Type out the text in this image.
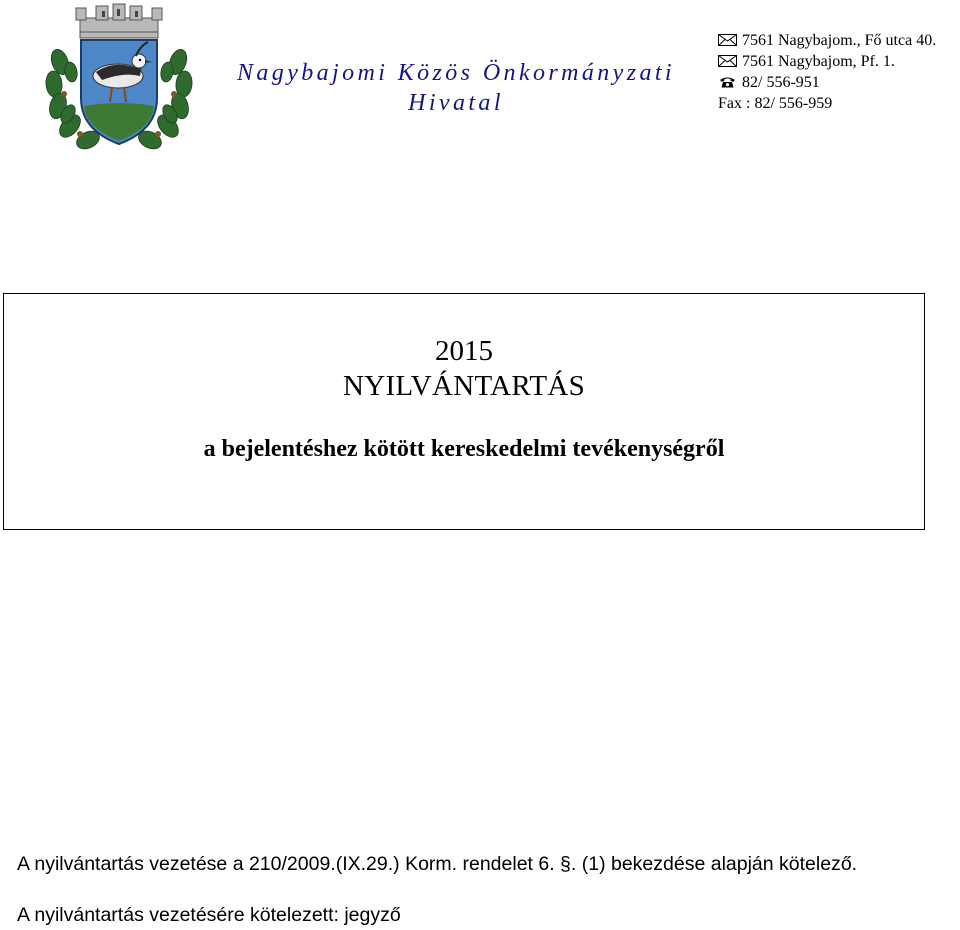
Nagybajomi Közös Önkormányzati
Hivatal
7561 Nagybajom., Fő utca 40.
7561 Nagybajom, Pf. 1.
82/ 556-951
Fax : 82/ 556-959
2015
NYILVÁNTARTÁS
a bejelentéshez kötött kereskedelmi tevékenységről
A nyilvántartás vezetése a 210/2009.(IX.29.) Korm. rendelet 6. §. (1) bekezdése alapján kötelező.
A nyilvántartás vezetésére kötelezett: jegyző
